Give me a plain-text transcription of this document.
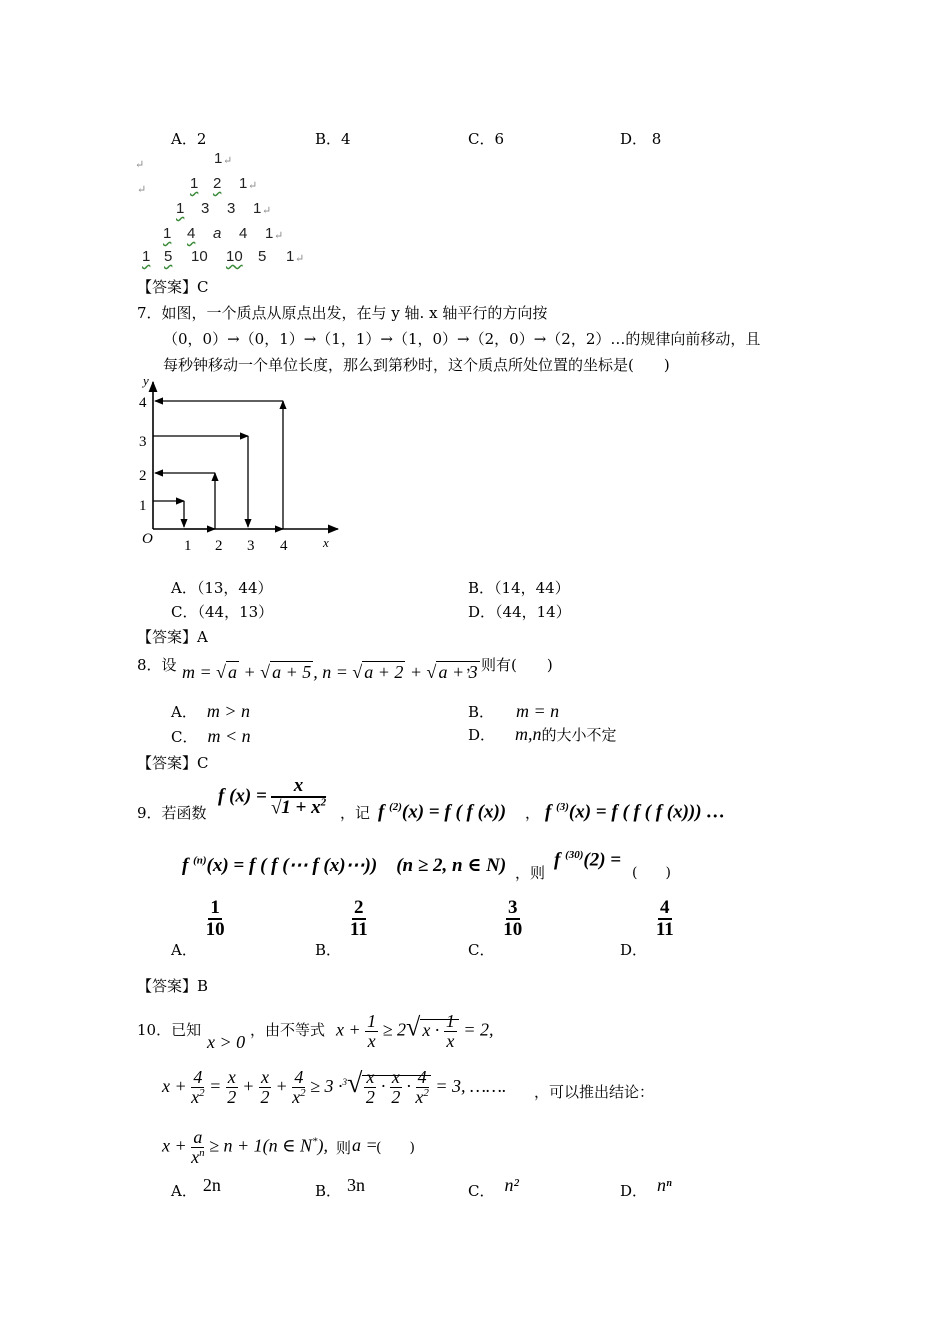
A．2	B．4	C．6	D． 8
↵
↵
1 ↵
1 2 1 ↵
1 3 3 1 ↵
1 4 a 4 1 ↵
1 5 10 10 5 1 ↵
【答案】C
7．如图，一个质点从原点出发，在与 y 轴. x 轴平行的方向按
（0，0）→（0，1）→（1，1）→（1，0）→（2，0）→（2，2）…的规律向前移动，且
每秒钟移动一个单位长度，那么到第秒时，这个质点所处位置的坐标是(　　)
y
x
O 1 2 3 4
1
2
3
4
A．（13，44）	B．（14，44）
C．（44，13）	D．（44，14）
【答案】A
8．设 m = √ a + √ a + 5 , n = √ a + 2 + √ a + 3
，则有(　　)
A． m > n	B． m = n
C． m < n	D． m,n的大小不定
【答案】C
9．若函数
f $(x) = \frac{x}{√1 + x^2}$ ，记 f $^{(2)}$(x) = f ( f (x)) ， f $^{(3)}$(x) = f ( f ( f (x))) …
f $^{(n)}$(x) = f ( f (⋯ f (x)⋯))　(n ≥ 2, n ∈ N) ，则
f $^{(30)}$(2) =
(　　)
A．
$\frac{1}{10}$
B．
$\frac{2}{11}$
C．
$\frac{3}{10}$
D．
$\frac{4}{11}$
【答案】B
10．已知
x > 0
，由不等式 $x + \frac{1}{x} \ge 2√$ $x \cdot \frac{1}{x} = 2$,
$x + \frac{4}{x^2} = \frac{x}{2} + \frac{x}{2} + \frac{4}{x^2} \ge 3 \cdot^3√ \frac{x}{2} \cdot \frac{x}{2} \cdot \frac{4}{x^2} = 3$, ……. ，可以推出结论：
$x + \frac{a}{x^n} \ge n + 1(n$ ∈ N*), 则 a =
(　　)
A． 2n	B． 3n	C． n²	D． nⁿ
